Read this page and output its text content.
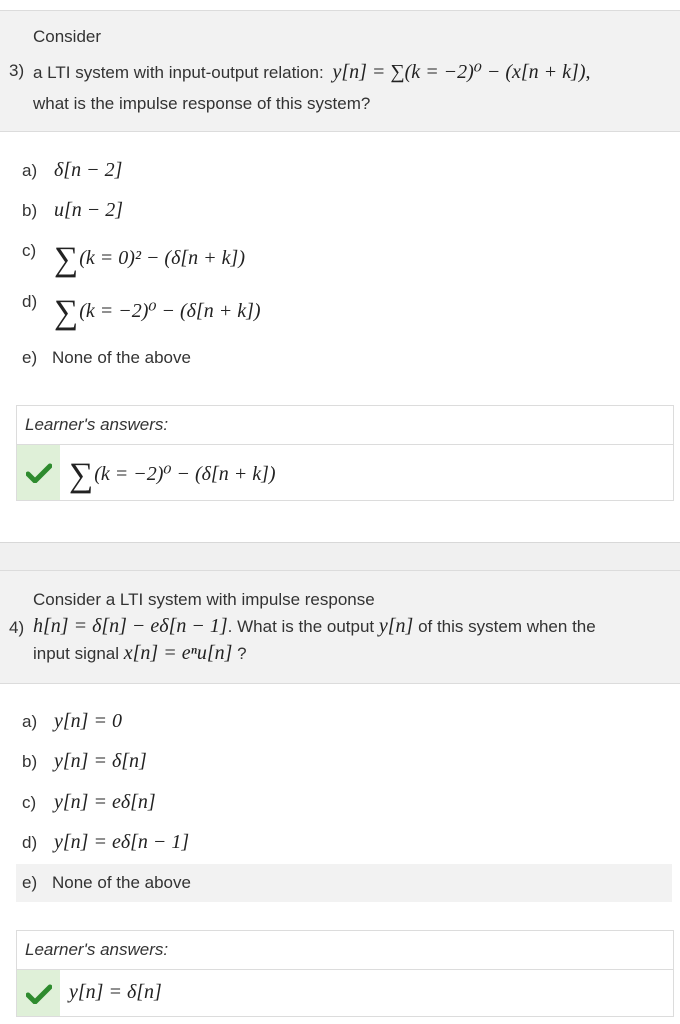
Consider
3) a LTI system with input-output relation: y[n] = ∑(k = −2)⁰ − (x[n + k]),
what is the impulse response of this system?
a) δ[n − 2]
b) u[n − 2]
c) ∑(k = 0)² − (δ[n + k])
d) ∑(k = −2)⁰ − (δ[n + k])
e) None of the above
Learner's answers:
∑(k = −2)⁰ − (δ[n + k])
Consider a LTI system with impulse response
4) h[n] = δ[n] − eδ[n − 1]. What is the output y[n] of this system when the
input signal x[n] = eⁿu[n] ?
a) y[n] = 0
b) y[n] = δ[n]
c) y[n] = eδ[n]
d) y[n] = eδ[n − 1]
e) None of the above
Learner's answers:
y[n] = δ[n]
